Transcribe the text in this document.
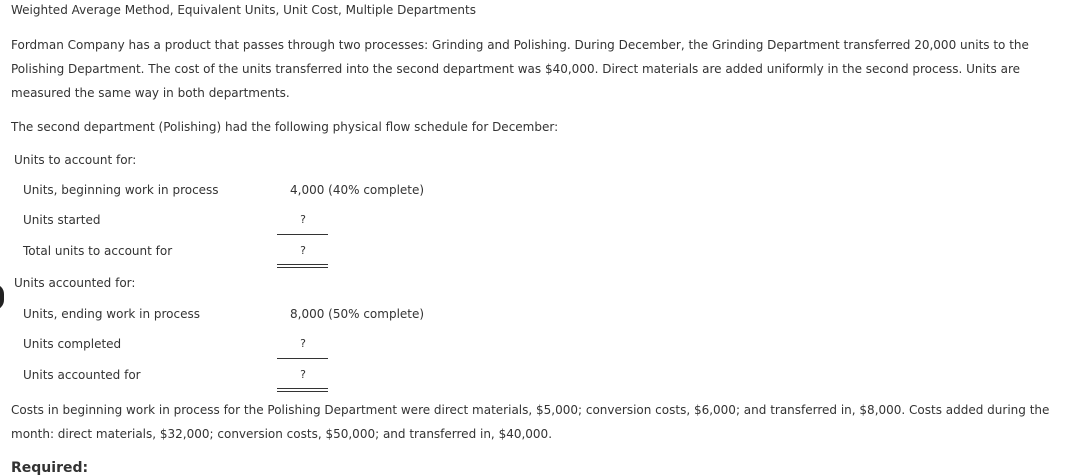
Weighted Average Method, Equivalent Units, Unit Cost, Multiple Departments

Fordman Company has a product that passes through two processes: Grinding and Polishing. During December, the Grinding Department transferred 20,000 units to the Polishing Department. The cost of the units transferred into the second department was $40,000. Direct materials are added uniformly in the second process. Units are measured the same way in both departments.

The second department (Polishing) had the following physical flow schedule for December:

Units to account for:
Units, beginning work in process	4,000 (40% complete)
Units started	?
Total units to account for	?
Units accounted for:
Units, ending work in process	8,000 (50% complete)
Units completed	?
Units accounted for	?

Costs in beginning work in process for the Polishing Department were direct materials, $5,000; conversion costs, $6,000; and transferred in, $8,000. Costs added during the month: direct materials, $32,000; conversion costs, $50,000; and transferred in, $40,000.

Required:
